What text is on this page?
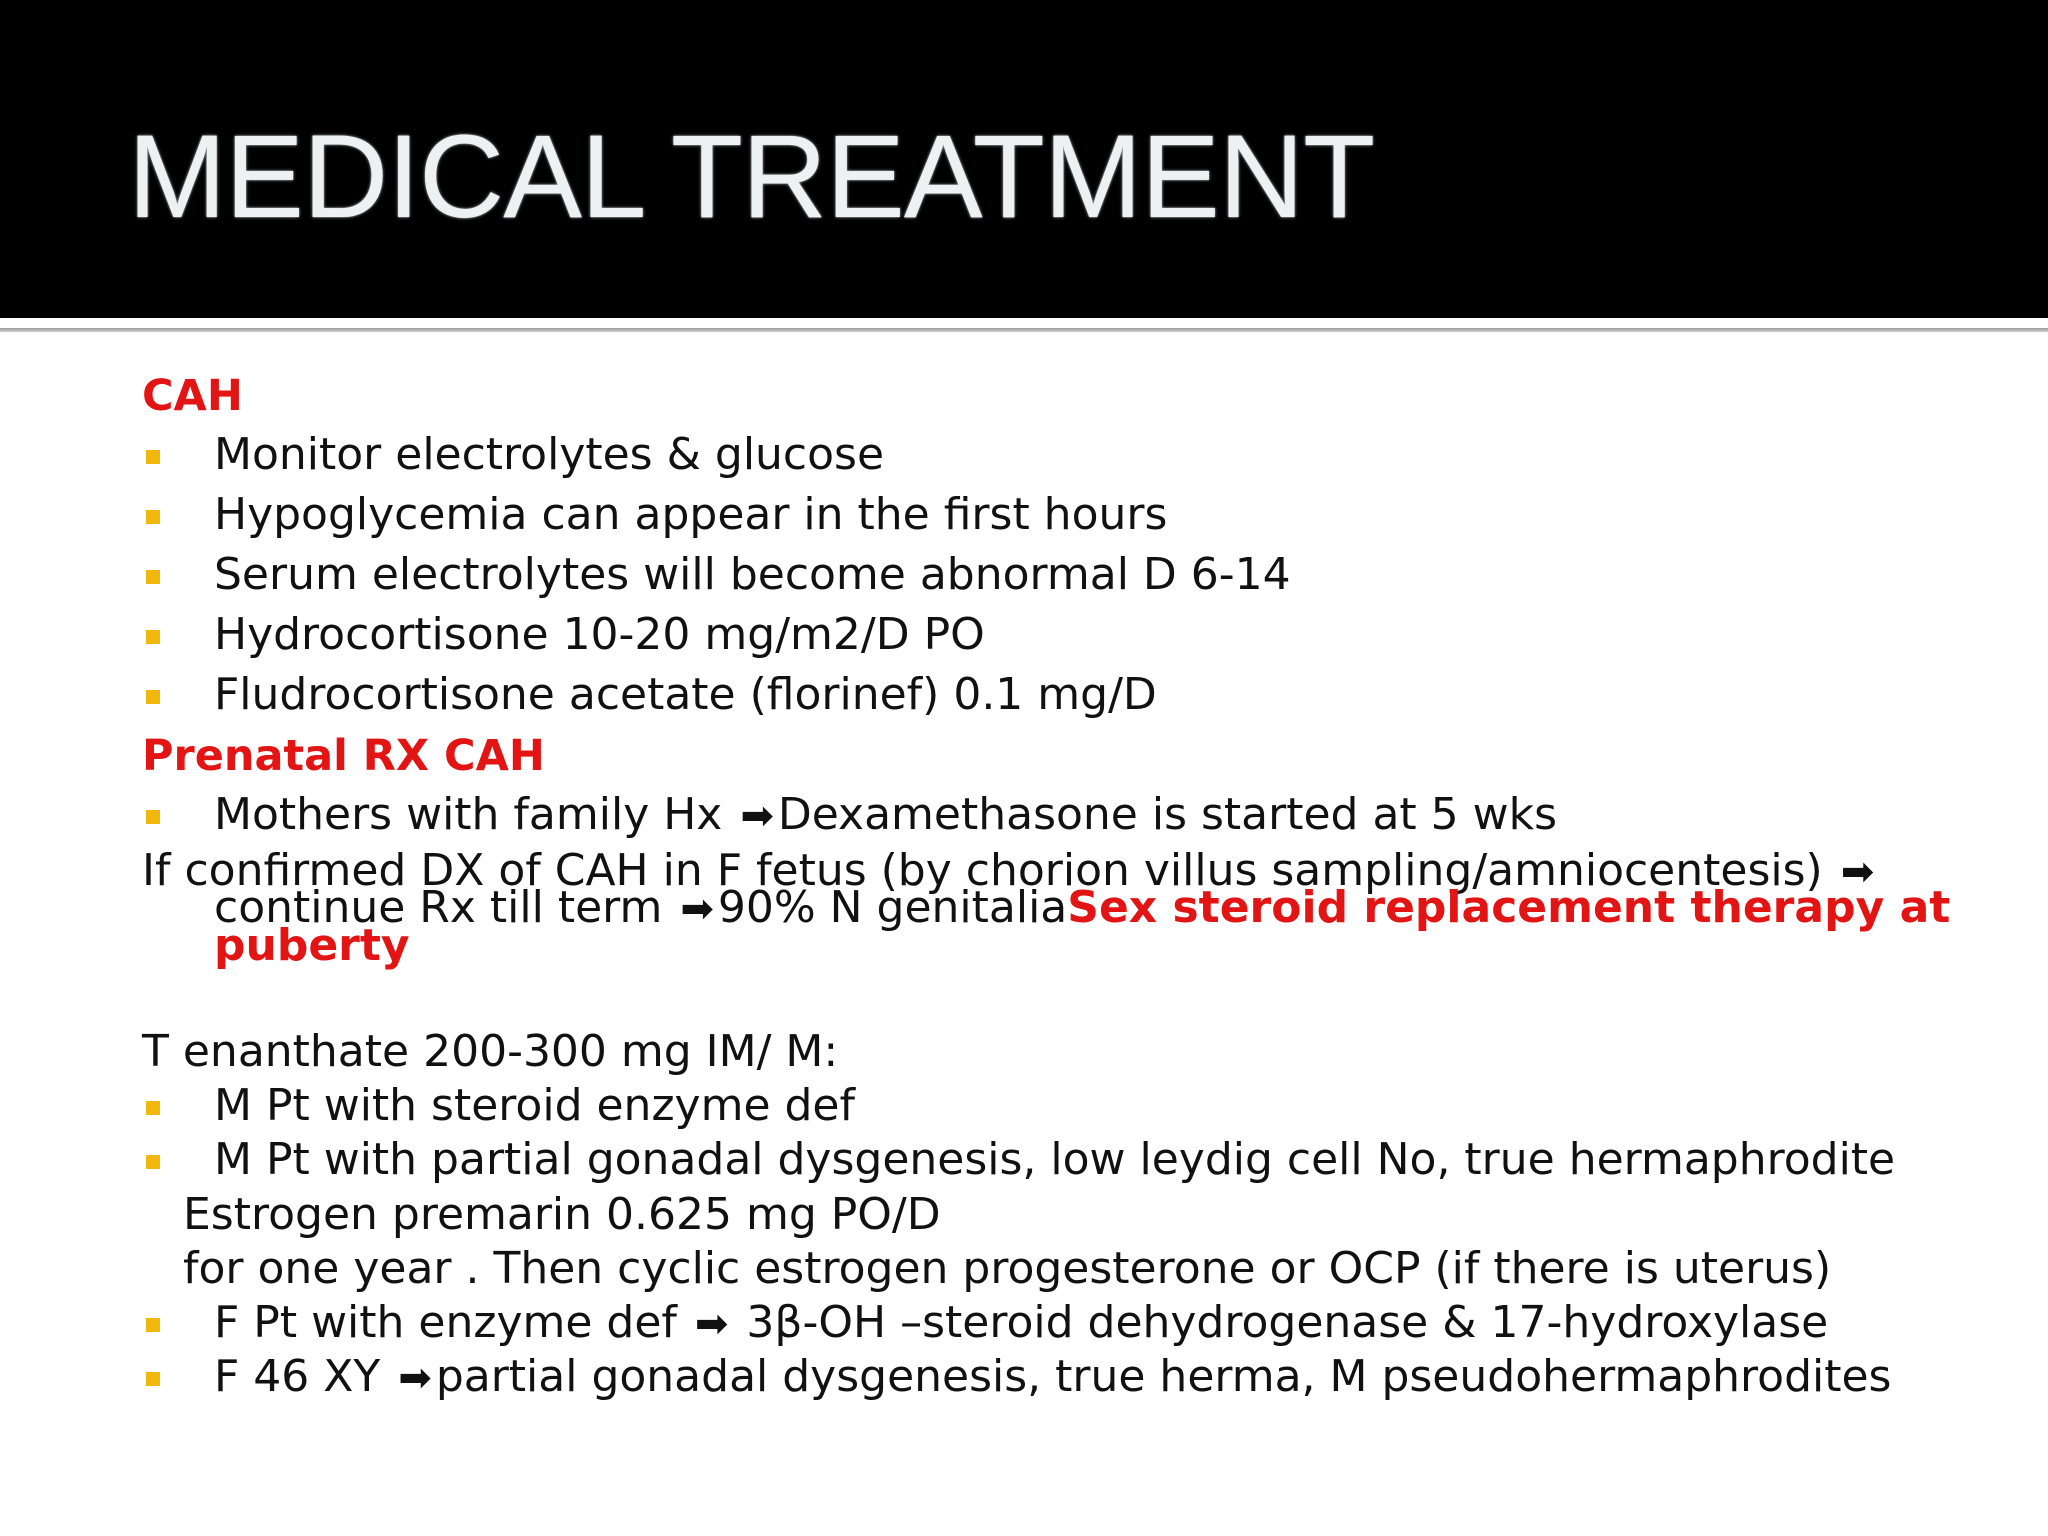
MEDICAL TREATMENT
CAH
Monitor electrolytes & glucose
Hypoglycemia can appear in the first hours
Serum electrolytes will become abnormal D 6-14
Hydrocortisone 10-20 mg/m2/D PO
Fludrocortisone acetate (florinef) 0.1 mg/D
Prenatal RX CAH
Mothers with family Hx ➡Dexamethasone is started at 5 wks
If confirmed DX of CAH in F fetus (by chorion villus sampling/amniocentesis) ➡
continue Rx till term ➡90% N genitaliaSex steroid replacement therapy at
puberty
T enanthate 200-300 mg IM/ M:
M Pt with steroid enzyme def
M Pt with partial gonadal dysgenesis, low leydig cell No, true hermaphrodite
Estrogen premarin 0.625 mg PO/D
for one year . Then cyclic estrogen progesterone or OCP (if there is uterus)
F Pt with enzyme def ➡ 3β-OH –steroid dehydrogenase & 17-hydroxylase
F 46 XY ➡partial gonadal dysgenesis, true herma, M pseudohermaphrodites
